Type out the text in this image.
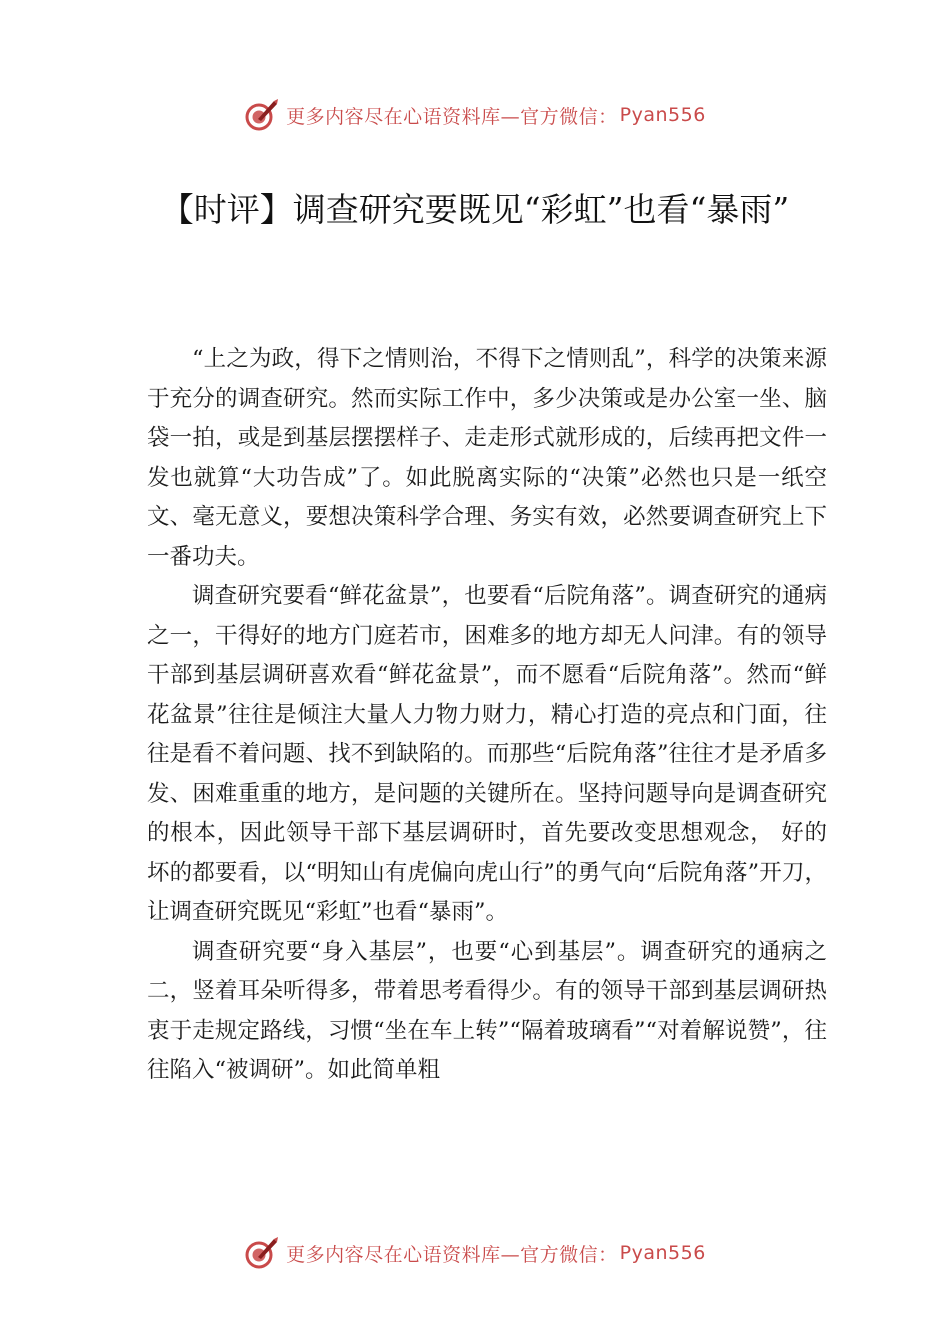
更多内容尽在心语资料库—官方微信： Pyan556
【时评】调查研究要既见“彩虹”也看“暴雨”

“上之为政，得下之情则治，不得下之情则乱”，科学的决策来源于充分的调查研究。然而实际工作中，多少决策或是办公室一坐、脑袋一拍，或是到基层摆摆样子、走走形式就形成的，后续再把文件一发也就算“大功告成”了。如此脱离实际的“决策”必然也只是一纸空文、毫无意义，要想决策科学合理、务实有效，必然要调查研究上下一番功夫。

调查研究要看“鲜花盆景”，也要看“后院角落”。调查研究的通病之一，干得好的地方门庭若市，困难多的地方却无人问津。有的领导干部到基层调研喜欢看“鲜花盆景”，而不愿看“后院角落”。然而“鲜花盆景”往往是倾注大量人力物力财力，精心打造的亮点和门面，往往是看不着问题、找不到缺陷的。而那些“后院角落”往往才是矛盾多发、困难重重的地方，是问题的关键所在。坚持问题导向是调查研究的根本，因此领导干部下基层调研时，首先要改变思想观念， 好的坏的都要看，以“明知山有虎偏向虎山行”的勇气向“后院角落”开刀，让调查研究既见“彩虹”也看“暴雨”。

调查研究要“身入基层”，也要“心到基层”。调查研究的通病之二，竖着耳朵听得多，带着思考看得少。有的领导干部到基层调研热衷于走规定路线，习惯“坐在车上转”“隔着玻璃看”“对着解说赞”，往往陷入“被调研”。如此简单粗

更多内容尽在心语资料库—官方微信： Pyan556
